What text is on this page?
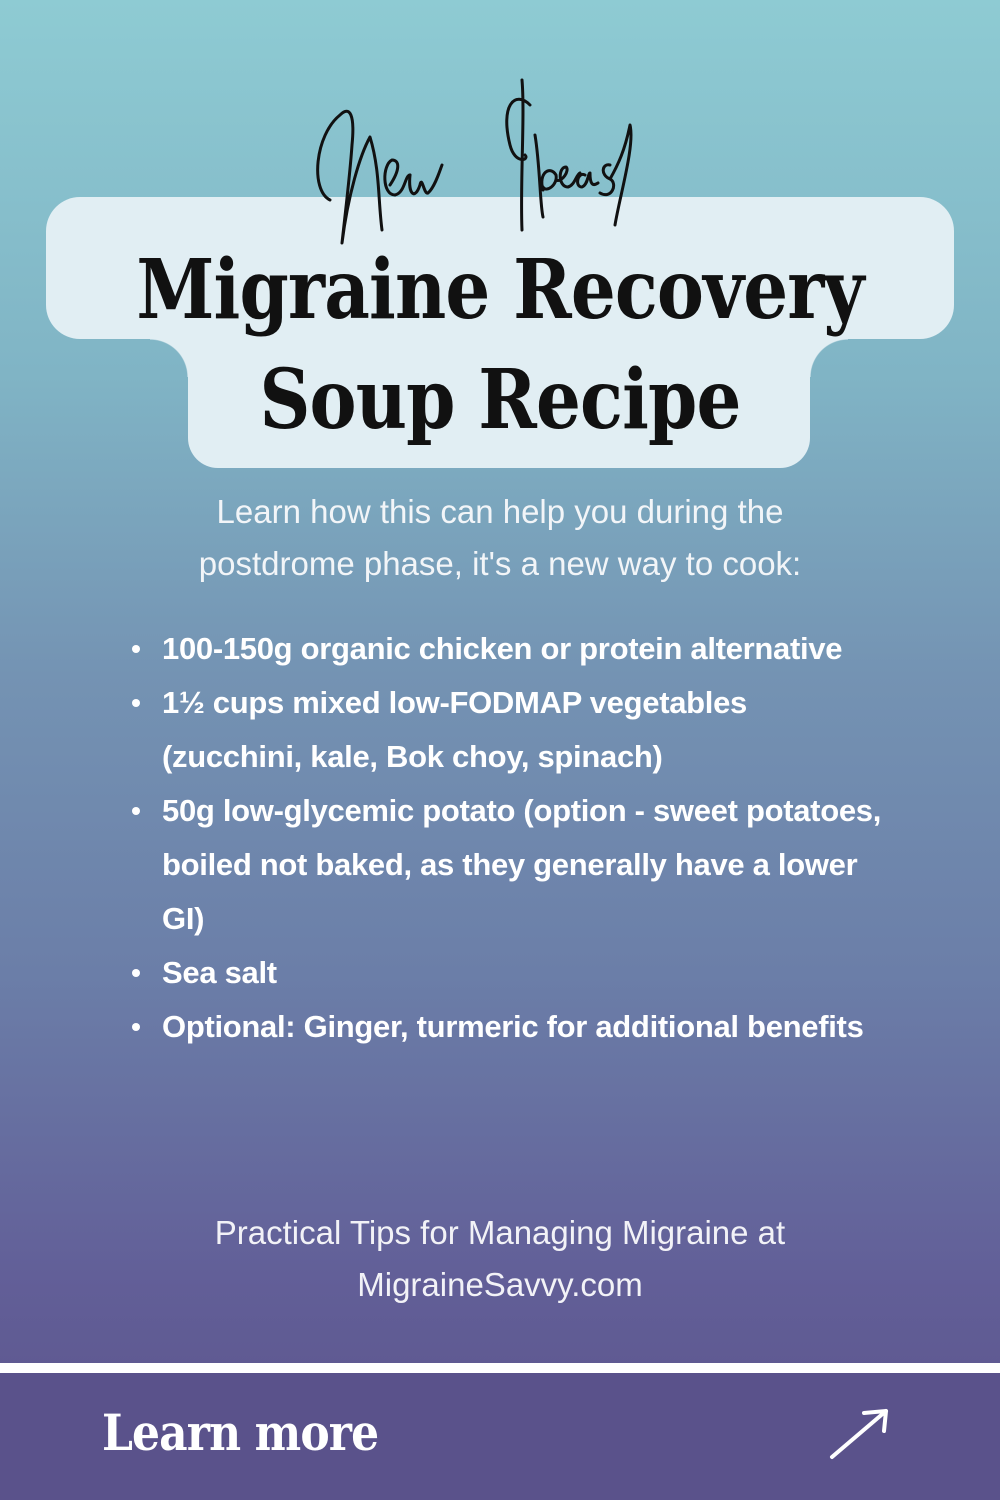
Migraine Recovery
Soup Recipe
Learn how this can help you during the
postdrome phase, it's a new way to cook:
100-150g organic chicken or protein alternative
1½ cups mixed low-FODMAP vegetables (zucchini, kale, Bok choy, spinach)
50g low-glycemic potato (option - sweet potatoes, boiled not baked, as they generally have a lower GI)
Sea salt
Optional: Ginger, turmeric for additional benefits
Practical Tips for Managing Migraine at
MigraineSavvy.com
Learn more
